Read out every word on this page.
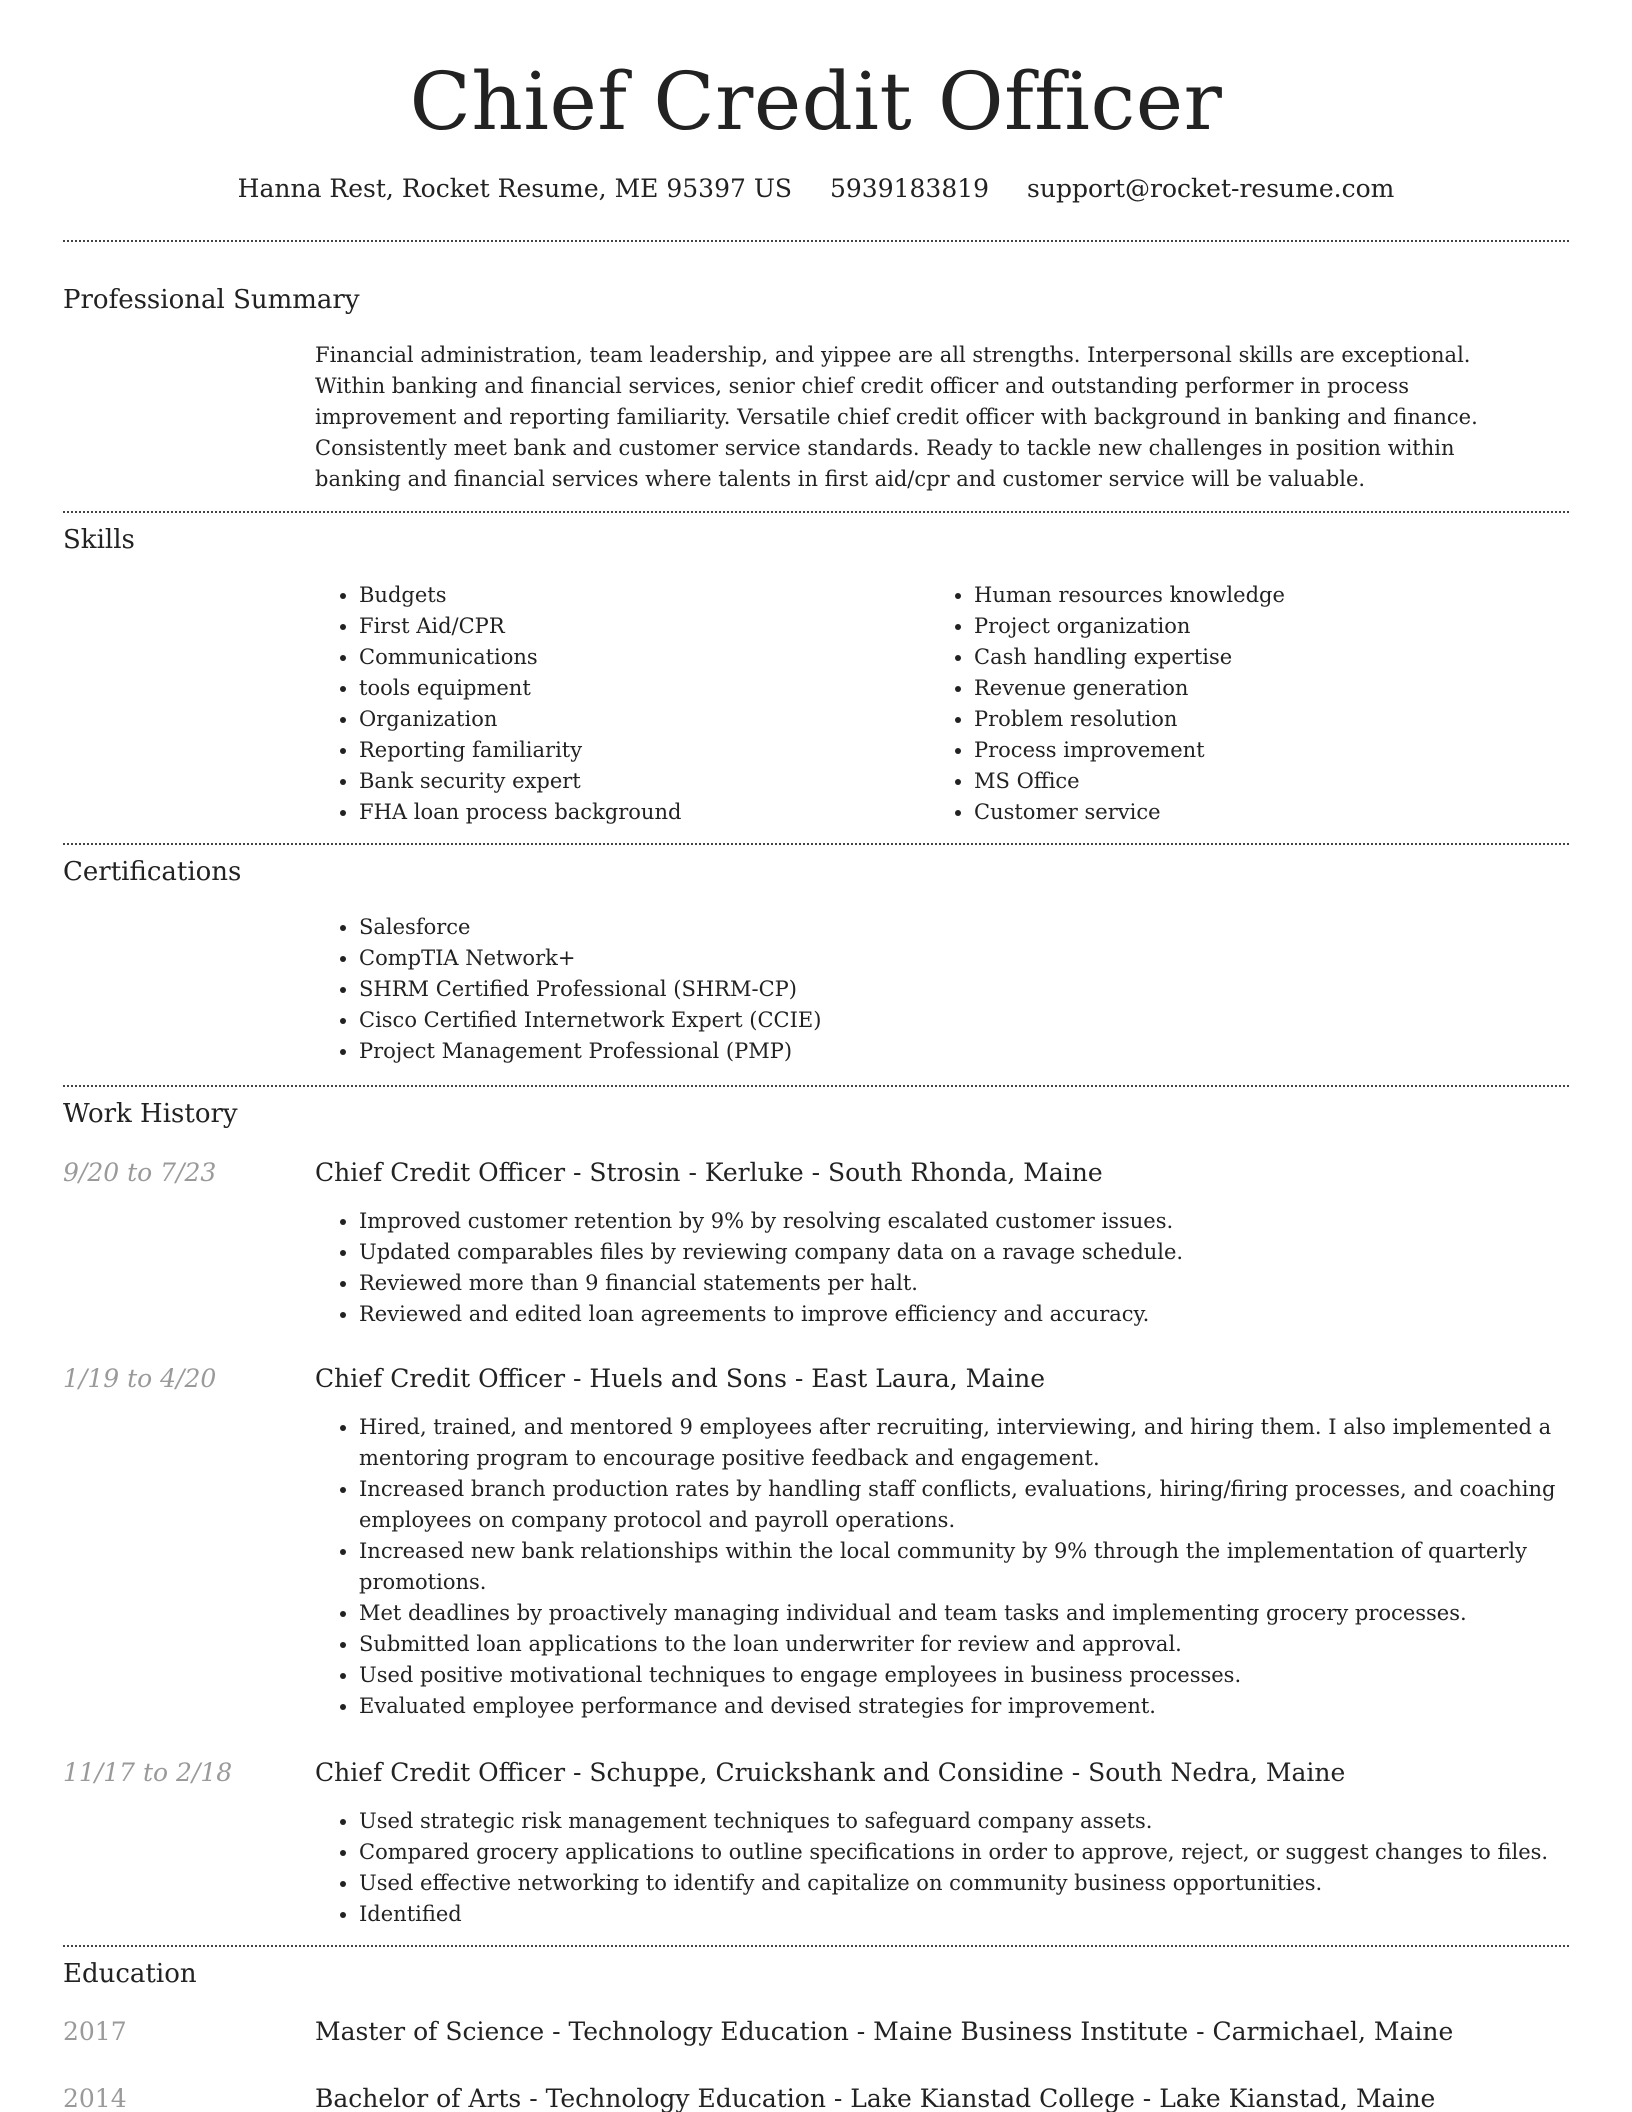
Chief Credit Officer
Hanna Rest, Rocket Resume, ME 95397 US 5939183819 support@rocket-resume.com
Professional Summary

Financial administration, team leadership, and yippee are all strengths. Interpersonal skills are exceptional. Within banking and financial services, senior chief credit officer and outstanding performer in process improvement and reporting familiarity. Versatile chief credit officer with background in banking and finance. Consistently meet bank and customer service standards. Ready to tackle new challenges in position within banking and financial services where talents in first aid/cpr and customer service will be valuable.

Skills
• Budgets
• First Aid/CPR
• Communications
• tools equipment
• Organization
• Reporting familiarity
• Bank security expert
• FHA loan process background
• Human resources knowledge
• Project organization
• Cash handling expertise
• Revenue generation
• Problem resolution
• Process improvement
• MS Office
• Customer service
Certifications
• Salesforce
• CompTIA Network+
• SHRM Certified Professional (SHRM-CP)
• Cisco Certified Internetwork Expert (CCIE)
• Project Management Professional (PMP)
Work History
9/20 to 7/23	Chief Credit Officer - Strosin - Kerluke - South Rhonda, Maine
• Improved customer retention by 9% by resolving escalated customer issues.
• Updated comparables files by reviewing company data on a ravage schedule.
• Reviewed more than 9 financial statements per halt.
• Reviewed and edited loan agreements to improve efficiency and accuracy.
1/19 to 4/20	Chief Credit Officer - Huels and Sons - East Laura, Maine
• Hired, trained, and mentored 9 employees after recruiting, interviewing, and hiring them. I also implemented a mentoring program to encourage positive feedback and engagement.
• Increased branch production rates by handling staff conflicts, evaluations, hiring/firing processes, and coaching employees on company protocol and payroll operations.
• Increased new bank relationships within the local community by 9% through the implementation of quarterly promotions.
• Met deadlines by proactively managing individual and team tasks and implementing grocery processes.
• Submitted loan applications to the loan underwriter for review and approval.
• Used positive motivational techniques to engage employees in business processes.
• Evaluated employee performance and devised strategies for improvement.
11/17 to 2/18	Chief Credit Officer - Schuppe, Cruickshank and Considine - South Nedra, Maine
• Used strategic risk management techniques to safeguard company assets.
• Compared grocery applications to outline specifications in order to approve, reject, or suggest changes to files.
• Used effective networking to identify and capitalize on community business opportunities.
• Identified
Education
2017	Master of Science - Technology Education - Maine Business Institute - Carmichael, Maine
2014	Bachelor of Arts - Technology Education - Lake Kianstad College - Lake Kianstad, Maine
